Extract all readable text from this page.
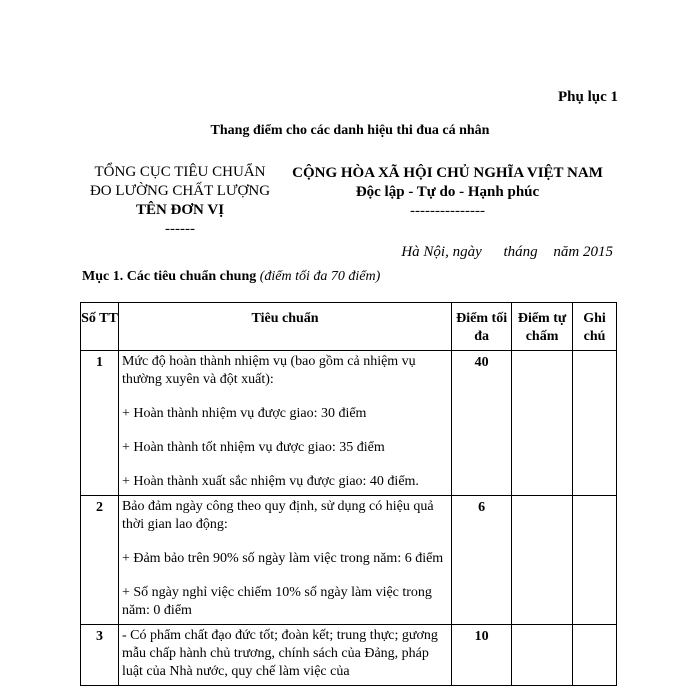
Phụ lục 1
Thang điểm cho các danh hiệu thi đua cá nhân
TỔNG CỤC TIÊU CHUẨN
ĐO LƯỜNG CHẤT LƯỢNG
TÊN ĐƠN VỊ
------
CỘNG HÒA XÃ HỘI CHỦ NGHĨA VIỆT NAM
Độc lập - Tự do - Hạnh phúc
---------------
Hà Nội, ngày tháng năm 2015
Mục 1. Các tiêu chuẩn chung (điểm tối đa 70 điểm)
Số TT	Tiêu chuẩn	Điểm tối đa	Điểm tự chấm	Ghi chú
1	Mức độ hoàn thành nhiệm vụ (bao gồm cả nhiệm vụ thường xuyên và đột xuất):
+ Hoàn thành nhiệm vụ được giao: 30 điểm
+ Hoàn thành tốt nhiệm vụ được giao: 35 điểm
+ Hoàn thành xuất sắc nhiệm vụ được giao: 40 điểm.	40		
2	Bảo đảm ngày công theo quy định, sử dụng có hiệu quả thời gian lao động:
+ Đảm bảo trên 90% số ngày làm việc trong năm: 6 điểm
+ Số ngày nghỉ việc chiếm 10% số ngày làm việc trong năm: 0 điểm	6		
3	- Có phẩm chất đạo đức tốt; đoàn kết; trung thực; gương mẫu chấp hành chủ trương, chính sách của Đảng, pháp luật của Nhà nước, quy chế làm việc của	10		
